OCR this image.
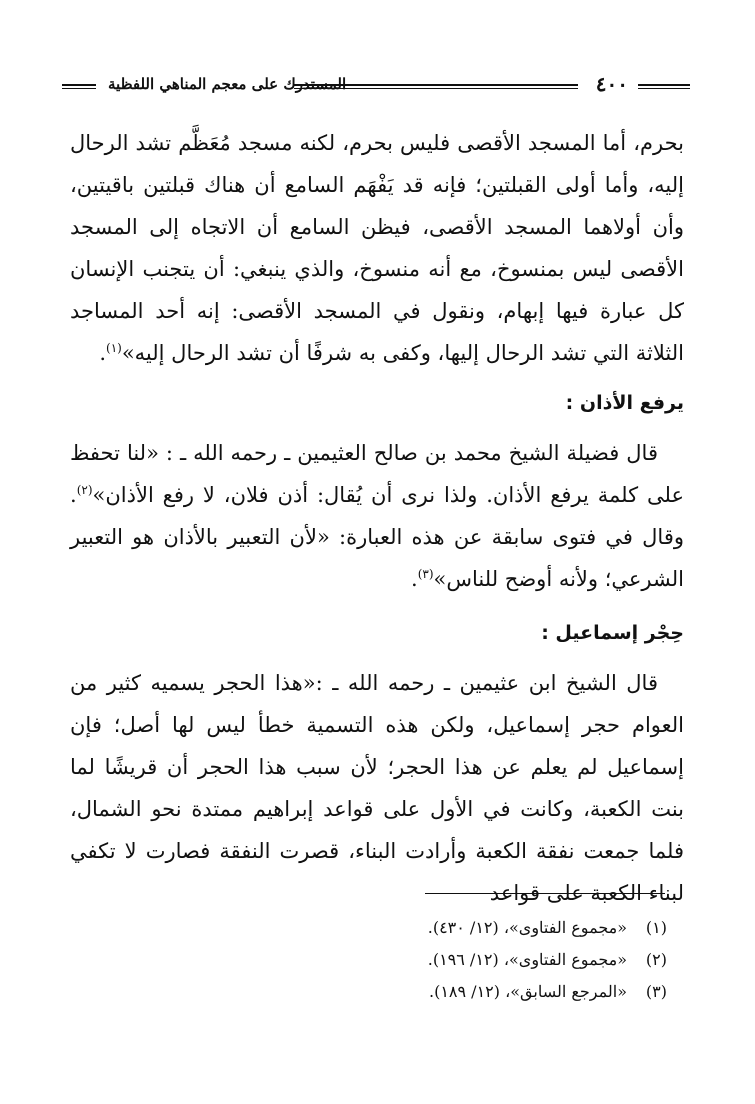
٤٠٠
المستدرك على معجم المناهي اللفظية

بحرم، أما المسجد الأقصى فليس بحرم، لكنه مسجد مُعَظَّم تشد الرحال إليه، وأما أولى القبلتين؛ فإنه قد يَفْهَم السامع أن هناك قبلتين باقيتين، وأن أولاهما المسجد الأقصى، فيظن السامع أن الاتجاه إلى المسجد الأقصى ليس بمنسوخ، مع أنه منسوخ، والذي ينبغي: أن يتجنب الإنسان كل عبارة فيها إبهام، ونقول في المسجد الأقصى: إنه أحد المساجد الثلاثة التي تشد الرحال إليها، وكفى به شرفًا أن تشد الرحال إليه»$^{(١)}$.

يرفع الأذان :

قال فضيلة الشيخ محمد بن صالح العثيمين ـ رحمه الله ـ : «لنا تحفظ على كلمة يرفع الأذان. ولذا نرى أن يُقال: أذن فلان، لا رفع الأذان»$^{(٢)}$. وقال في فتوى سابقة عن هذه العبارة: «لأن التعبير بالأذان هو التعبير الشرعي؛ ولأنه أوضح للناس»$^{(٣)}$.

حِجْر إسماعيل :

قال الشيخ ابن عثيمين ـ رحمه الله ـ :«هذا الحجر يسميه كثير من العوام حجر إسماعيل، ولكن هذه التسمية خطأ ليس لها أصل؛ فإن إسماعيل لم يعلم عن هذا الحجر؛ لأن سبب هذا الحجر أن قريشًا لما بنت الكعبة، وكانت في الأول على قواعد إبراهيم ممتدة نحو الشمال، فلما جمعت نفقة الكعبة وأرادت البناء، قصرت النفقة فصارت لا تكفي لبناء الكعبة على قواعد

(١)
«مجموع الفتاوى»، (١٢/ ٤٣٠).
(٢)
«مجموع الفتاوى»، (١٢/ ١٩٦).
(٣)
«المرجع السابق»، (١٢/ ١٨٩).
